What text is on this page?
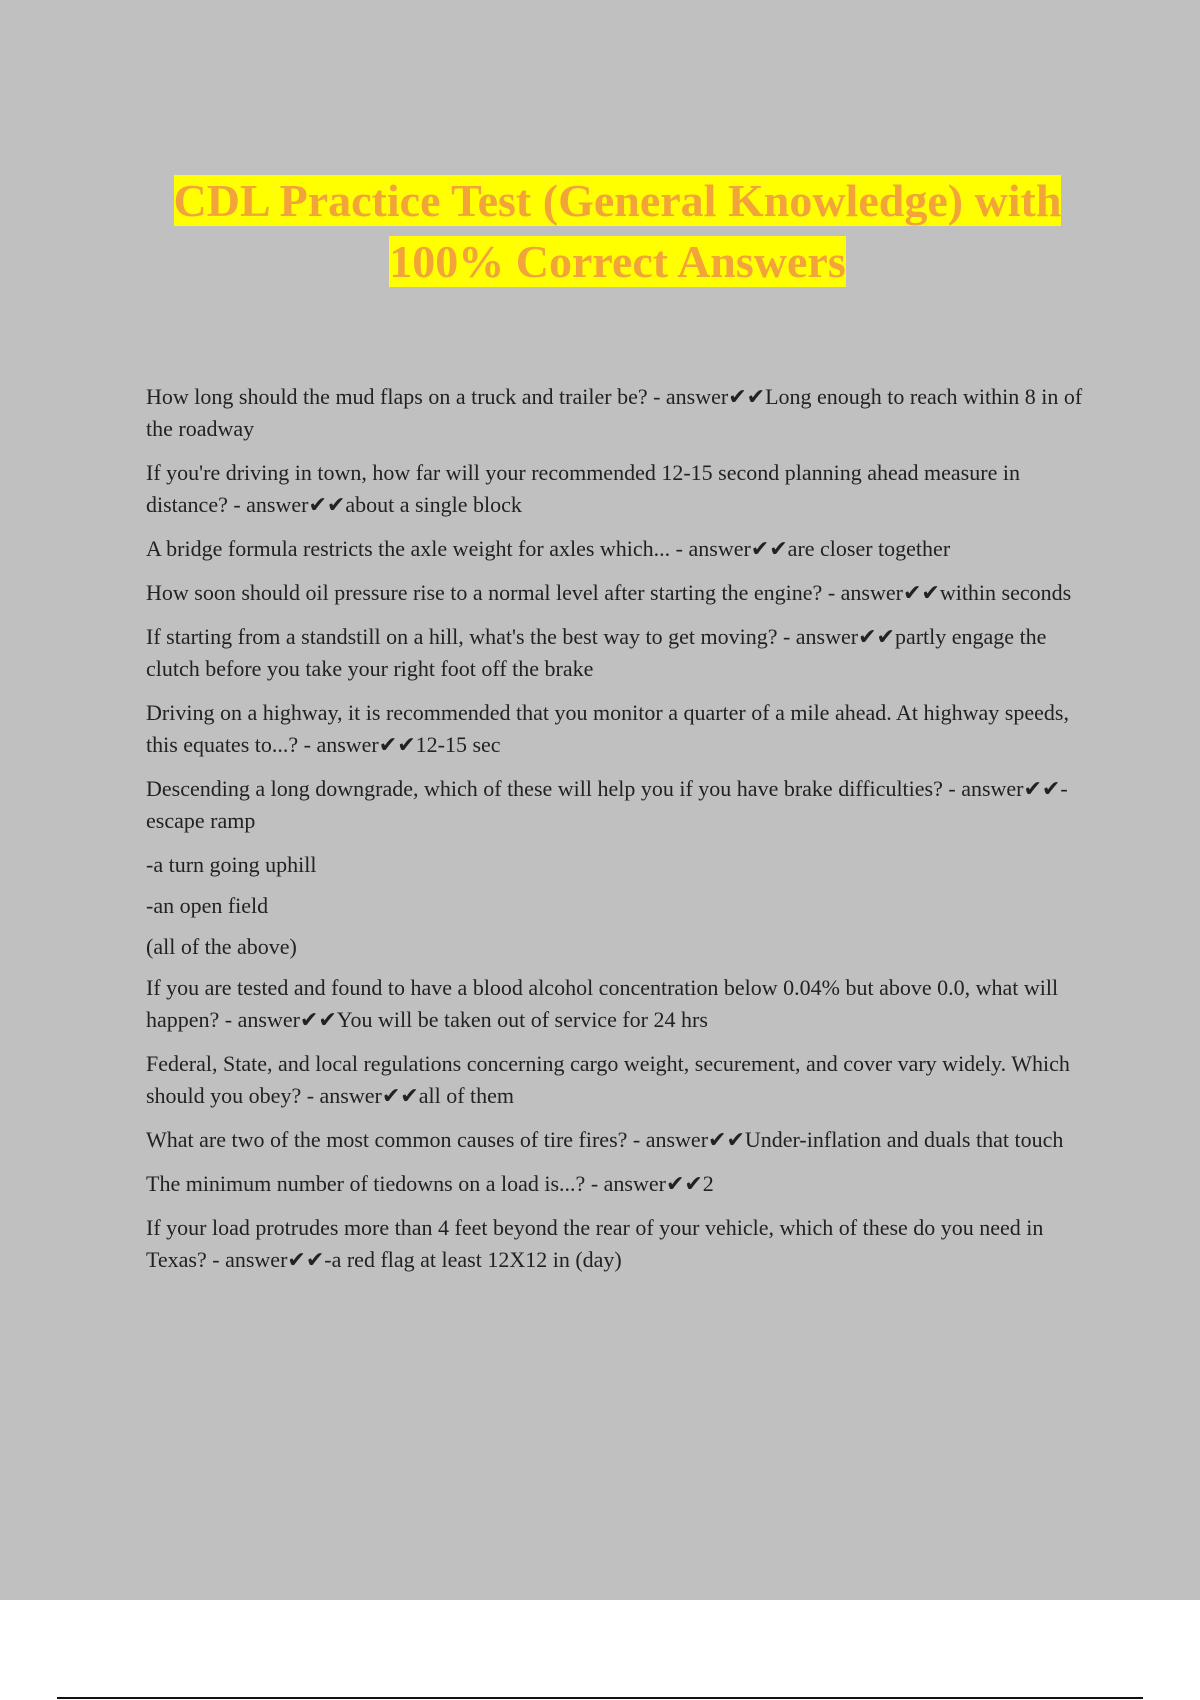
CDL Practice Test (General Knowledge) with
100% Correct Answers

How long should the mud flaps on a truck and trailer be? - answer✔✔Long enough to reach within 8 in of the roadway

If you're driving in town, how far will your recommended 12-15 second planning ahead measure in distance? - answer✔✔about a single block

A bridge formula restricts the axle weight for axles which... - answer✔✔are closer together

How soon should oil pressure rise to a normal level after starting the engine? - answer✔✔within seconds

If starting from a standstill on a hill, what's the best way to get moving? - answer✔✔partly engage the clutch before you take your right foot off the brake

Driving on a highway, it is recommended that you monitor a quarter of a mile ahead. At highway speeds, this equates to...? - answer✔✔12-15 sec

Descending a long downgrade, which of these will help you if you have brake difficulties? - answer✔✔-escape ramp

-a turn going uphill

-an open field

(all of the above)

If you are tested and found to have a blood alcohol concentration below 0.04% but above 0.0, what will happen? - answer✔✔You will be taken out of service for 24 hrs

Federal, State, and local regulations concerning cargo weight, securement, and cover vary widely. Which should you obey? - answer✔✔all of them

What are two of the most common causes of tire fires? - answer✔✔Under-inflation and duals that touch

The minimum number of tiedowns on a load is...? - answer✔✔2

If your load protrudes more than 4 feet beyond the rear of your vehicle, which of these do you need in Texas? - answer✔✔-a red flag at least 12X12 in (day)
